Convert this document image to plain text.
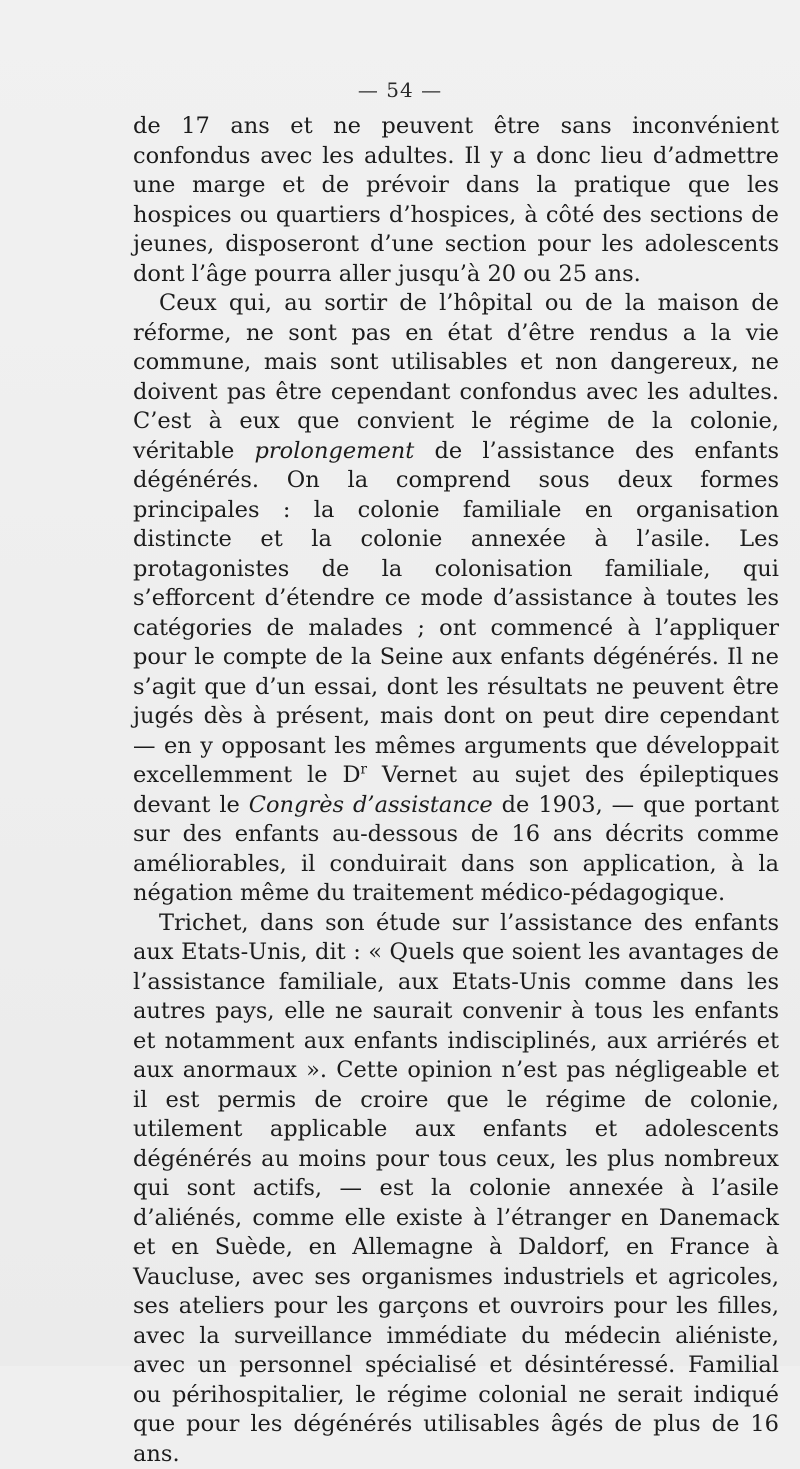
— 54 —

de 17 ans et ne peuvent être sans inconvénient confondus avec les adultes. Il y a donc lieu d’admettre une marge et de prévoir dans la pratique que les hospices ou quartiers d’hospices, à côté des sections de jeunes, disposeront d’une section pour les adolescents dont l’âge pourra aller jusqu’à 20 ou 25 ans.

Ceux qui, au sortir de l’hôpital ou de la maison de réforme, ne sont pas en état d’être rendus a la vie commune, mais sont utilisables et non dangereux, ne doivent pas être cependant confondus avec les adultes. C’est à eux que convient le régime de la colonie, véritable prolongement de l’assistance des enfants dégénérés. On la comprend sous deux formes principales : la colonie familiale en organisation distincte et la colonie annexée à l’asile. Les protagonistes de la colonisation familiale, qui s’efforcent d’étendre ce mode d’assistance à toutes les catégories de malades ; ont commencé à l’appliquer pour le compte de la Seine aux enfants dégénérés. Il ne s’agit que d’un essai, dont les résultats ne peuvent être jugés dès à présent, mais dont on peut dire cependant — en y opposant les mêmes arguments que développait excellemment le $D^r$ Vernet au sujet des épileptiques devant le Congrès d’assistance de 1903, — que portant sur des enfants au-dessous de 16 ans décrits comme améliorables, il conduirait dans son application, à la négation même du traitement médico-pédagogique.

Trichet, dans son étude sur l’assistance des enfants aux Etats-Unis, dit : « Quels que soient les avantages de l’assistance familiale, aux Etats-Unis comme dans les autres pays, elle ne saurait convenir à tous les enfants et notamment aux enfants indisciplinés, aux arriérés et aux anormaux ». Cette opinion n’est pas négligeable et il est permis de croire que le régime de colonie, utilement applicable aux enfants et adolescents dégénérés au moins pour tous ceux, les plus nombreux qui sont actifs, — est la colonie annexée à l’asile d’aliénés, comme elle existe à l’étranger en Danemack et en Suède, en Allemagne à Daldorf, en France à Vaucluse, avec ses organismes industriels et agricoles, ses ateliers pour les garçons et ouvroirs pour les filles, avec la surveillance immédiate du médecin aliéniste, avec un personnel spécialisé et désintéressé. Familial ou périhospitalier, le régime colonial ne serait indiqué que pour les dégénérés utilisables âgés de plus de 16 ans.
